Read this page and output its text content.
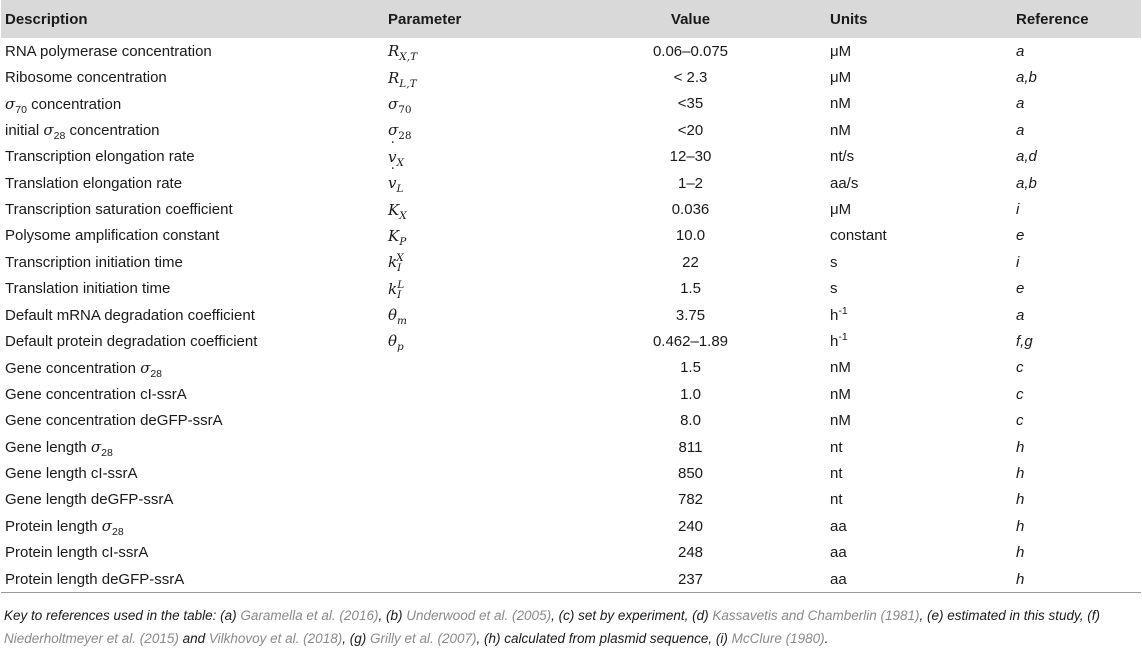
Description	Parameter	Value	Units	Reference
RNA polymerase concentration	$R_{X,T}$	0.06–0.075	μM	a
Ribosome concentration	$R_{L,T}$	< 2.3	μM	a,b
$\sigma_{70}$ concentration	$\sigma_{70}$	<35	nM	a
initial $\sigma_{28}$ concentration	$\sigma_{28}$	<20	nM	a
Transcription elongation rate	˙ $v_X$	12–30	nt/s	a,d
Translation elongation rate	˙ $v_L$	1–2	aa/s	a,b
Transcription saturation coefficient	$K_X$	0.036	μM	i
Polysome amplification constant	$K_P$	10.0	constant	e
Transcription initiation time	$k_I^X$	22	s	i
Translation initiation time	$k_I^L$	1.5	s	e
Default mRNA degradation coefficient	$\theta_m$	3.75	$h^{-1}$	a
Default protein degradation coefficient	$\theta_p$	0.462–1.89	$h^{-1}$	f,g
Gene concentration $\sigma_{28}$		1.5	nM	c
Gene concentration cI-ssrA		1.0	nM	c
Gene concentration deGFP-ssrA		8.0	nM	c
Gene length $\sigma_{28}$		811	nt	h
Gene length cI-ssrA		850	nt	h
Gene length deGFP-ssrA		782	nt	h
Protein length $\sigma_{28}$		240	aa	h
Protein length cI-ssrA		248	aa	h
Protein length deGFP-ssrA		237	aa	h
Key to references used in the table: (a) Garamella et al. (2016), (b) Underwood et al. (2005), (c) set by experiment, (d) Kassavetis and Chamberlin (1981), (e) estimated in this study, (f) Niederholtmeyer et al. (2015) and Vilkhovoy et al. (2018), (g) Grilly et al. (2007), (h) calculated from plasmid sequence, (i) McClure (1980).
